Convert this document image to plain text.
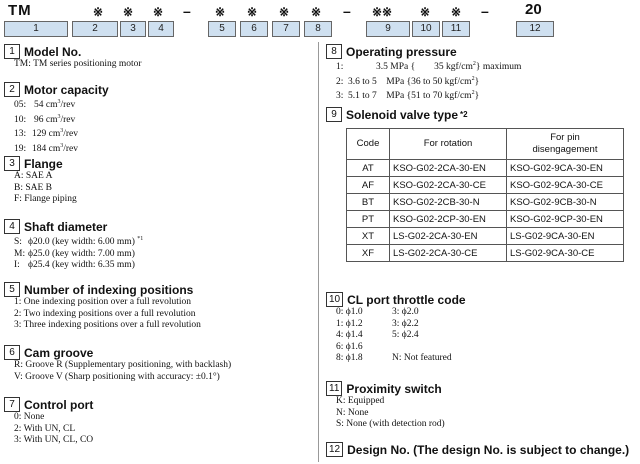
TM	※ ※ ※ – ※ ※ ※ ※ – ※※ ※ ※ – 20
1	2	3	4	5	6	7	8	9	10	11	12
1 Model No.
TM: TM series positioning motor
2 Motor capacity
05: 54 $cm^3$/rev
10: 96 $cm^3$/rev
13: 129 $cm^3$/rev
19: 184 $cm^3$/rev
3 Flange
A: SAE A
B: SAE B
F: Flange piping
4 Shaft diameter
S: ϕ20.0 (key width: 6.00 mm) $^{*1}$
M: ϕ25.0 (key width: 7.00 mm)
I: ϕ25.4 (key width: 6.35 mm)
5 Number of indexing positions
1: One indexing position over a full revolution
2: Two indexing positions over a full revolution
3: Three indexing positions over a full revolution
6 Cam groove
R: Groove R (Supplementary positioning, with backlash)
V: Groove V (Sharp positioning with accuracy: ±0.1°)
7 Control port
0: None
2: With UN, CL
3: With UN, CL, CO
8 Operating pressure
1:	3.5 MPa {        35 kgf/$cm^2$} maximum
2: 3.6 to 5    MPa {36 to 50 kgf/$cm^2$}
3: 5.1 to 7    MPa {51 to 70 kgf/$cm^2$}
9 Solenoid valve type *2
Code	For rotation	For pin
disengagement
AT	KSO-G02-2CA-30-EN	KSO-G02-9CA-30-EN
AF	KSO-G02-2CA-30-CE	KSO-G02-9CA-30-CE
BT	KSO-G02-2CB-30-N	KSO-G02-9CB-30-N
PT	KSO-G02-2CP-30-EN	KSO-G02-9CP-30-EN
XT	LS-G02-2CA-30-EN	LS-G02-9CA-30-EN
XF	LS-G02-2CA-30-CE	LS-G02-9CA-30-CE
10 CL port throttle code
0: ϕ1.0	3: ϕ2.0
1: ϕ1.2	3: ϕ2.2
4: ϕ1.4	5: ϕ2.4
6: ϕ1.6
8: ϕ1.8	N: Not featured
11 Proximity switch
K: Equipped
N: None
S: None (with detection rod)
12 Design No. (The design No. is subject to change.)
